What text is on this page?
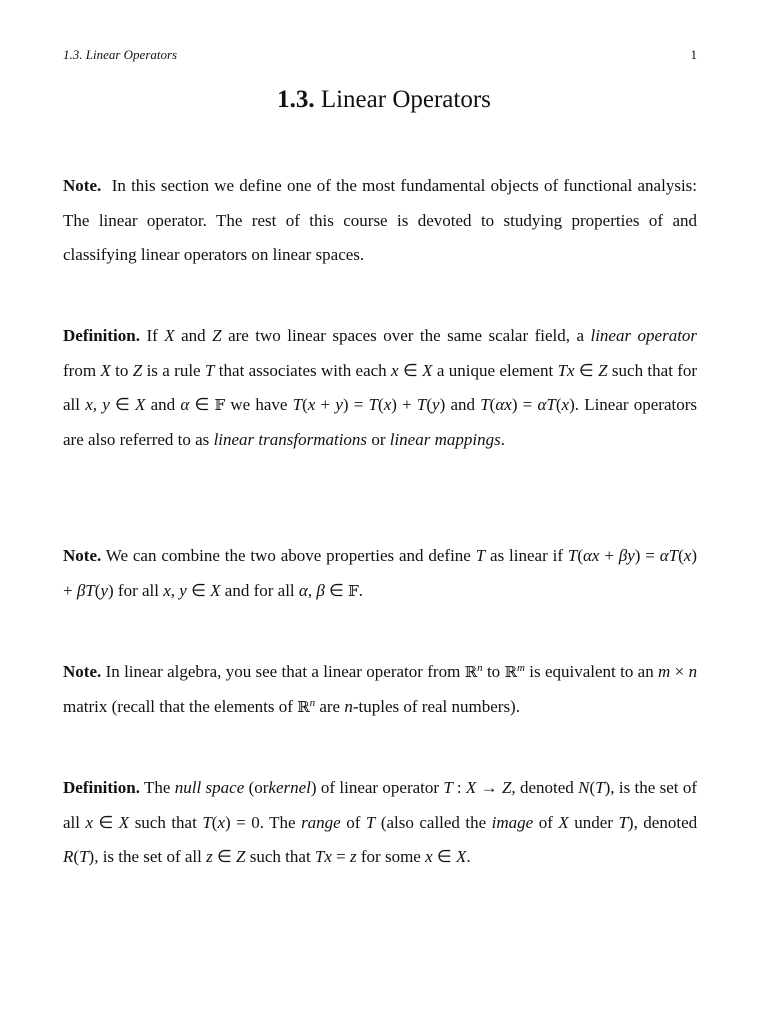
1.3. Linear Operators	1
1.3. Linear Operators
Note. In this section we define one of the most fundamental objects of functional analysis: The linear operator. The rest of this course is devoted to studying properties of and classifying linear operators on linear spaces.
Definition. If X and Z are two linear spaces over the same scalar field, a linear operator from X to Z is a rule T that associates with each x ∈ X a unique element Tx ∈ Z such that for all x, y ∈ X and α ∈ 𝔽 we have T(x + y) = T(x) + T(y) and T(αx) = αT(x). Linear operators are also referred to as linear transformations or linear mappings.
Note. We can combine the two above properties and define T as linear if T(αx + βy) = αT(x) + βT(y) for all x, y ∈ X and for all α, β ∈ 𝔽.
Note. In linear algebra, you see that a linear operator from ℝ$^n$ to ℝ$^m$ is equivalent to an m × n matrix (recall that the elements of ℝ$^n$ are n-tuples of real numbers).
Definition. The null space (orkernel) of linear operator T : X → Z, denoted N(T), is the set of all x ∈ X such that T(x) = 0. The range of T (also called the image of X under T), denoted R(T), is the set of all z ∈ Z such that Tx = z for some x ∈ X.
